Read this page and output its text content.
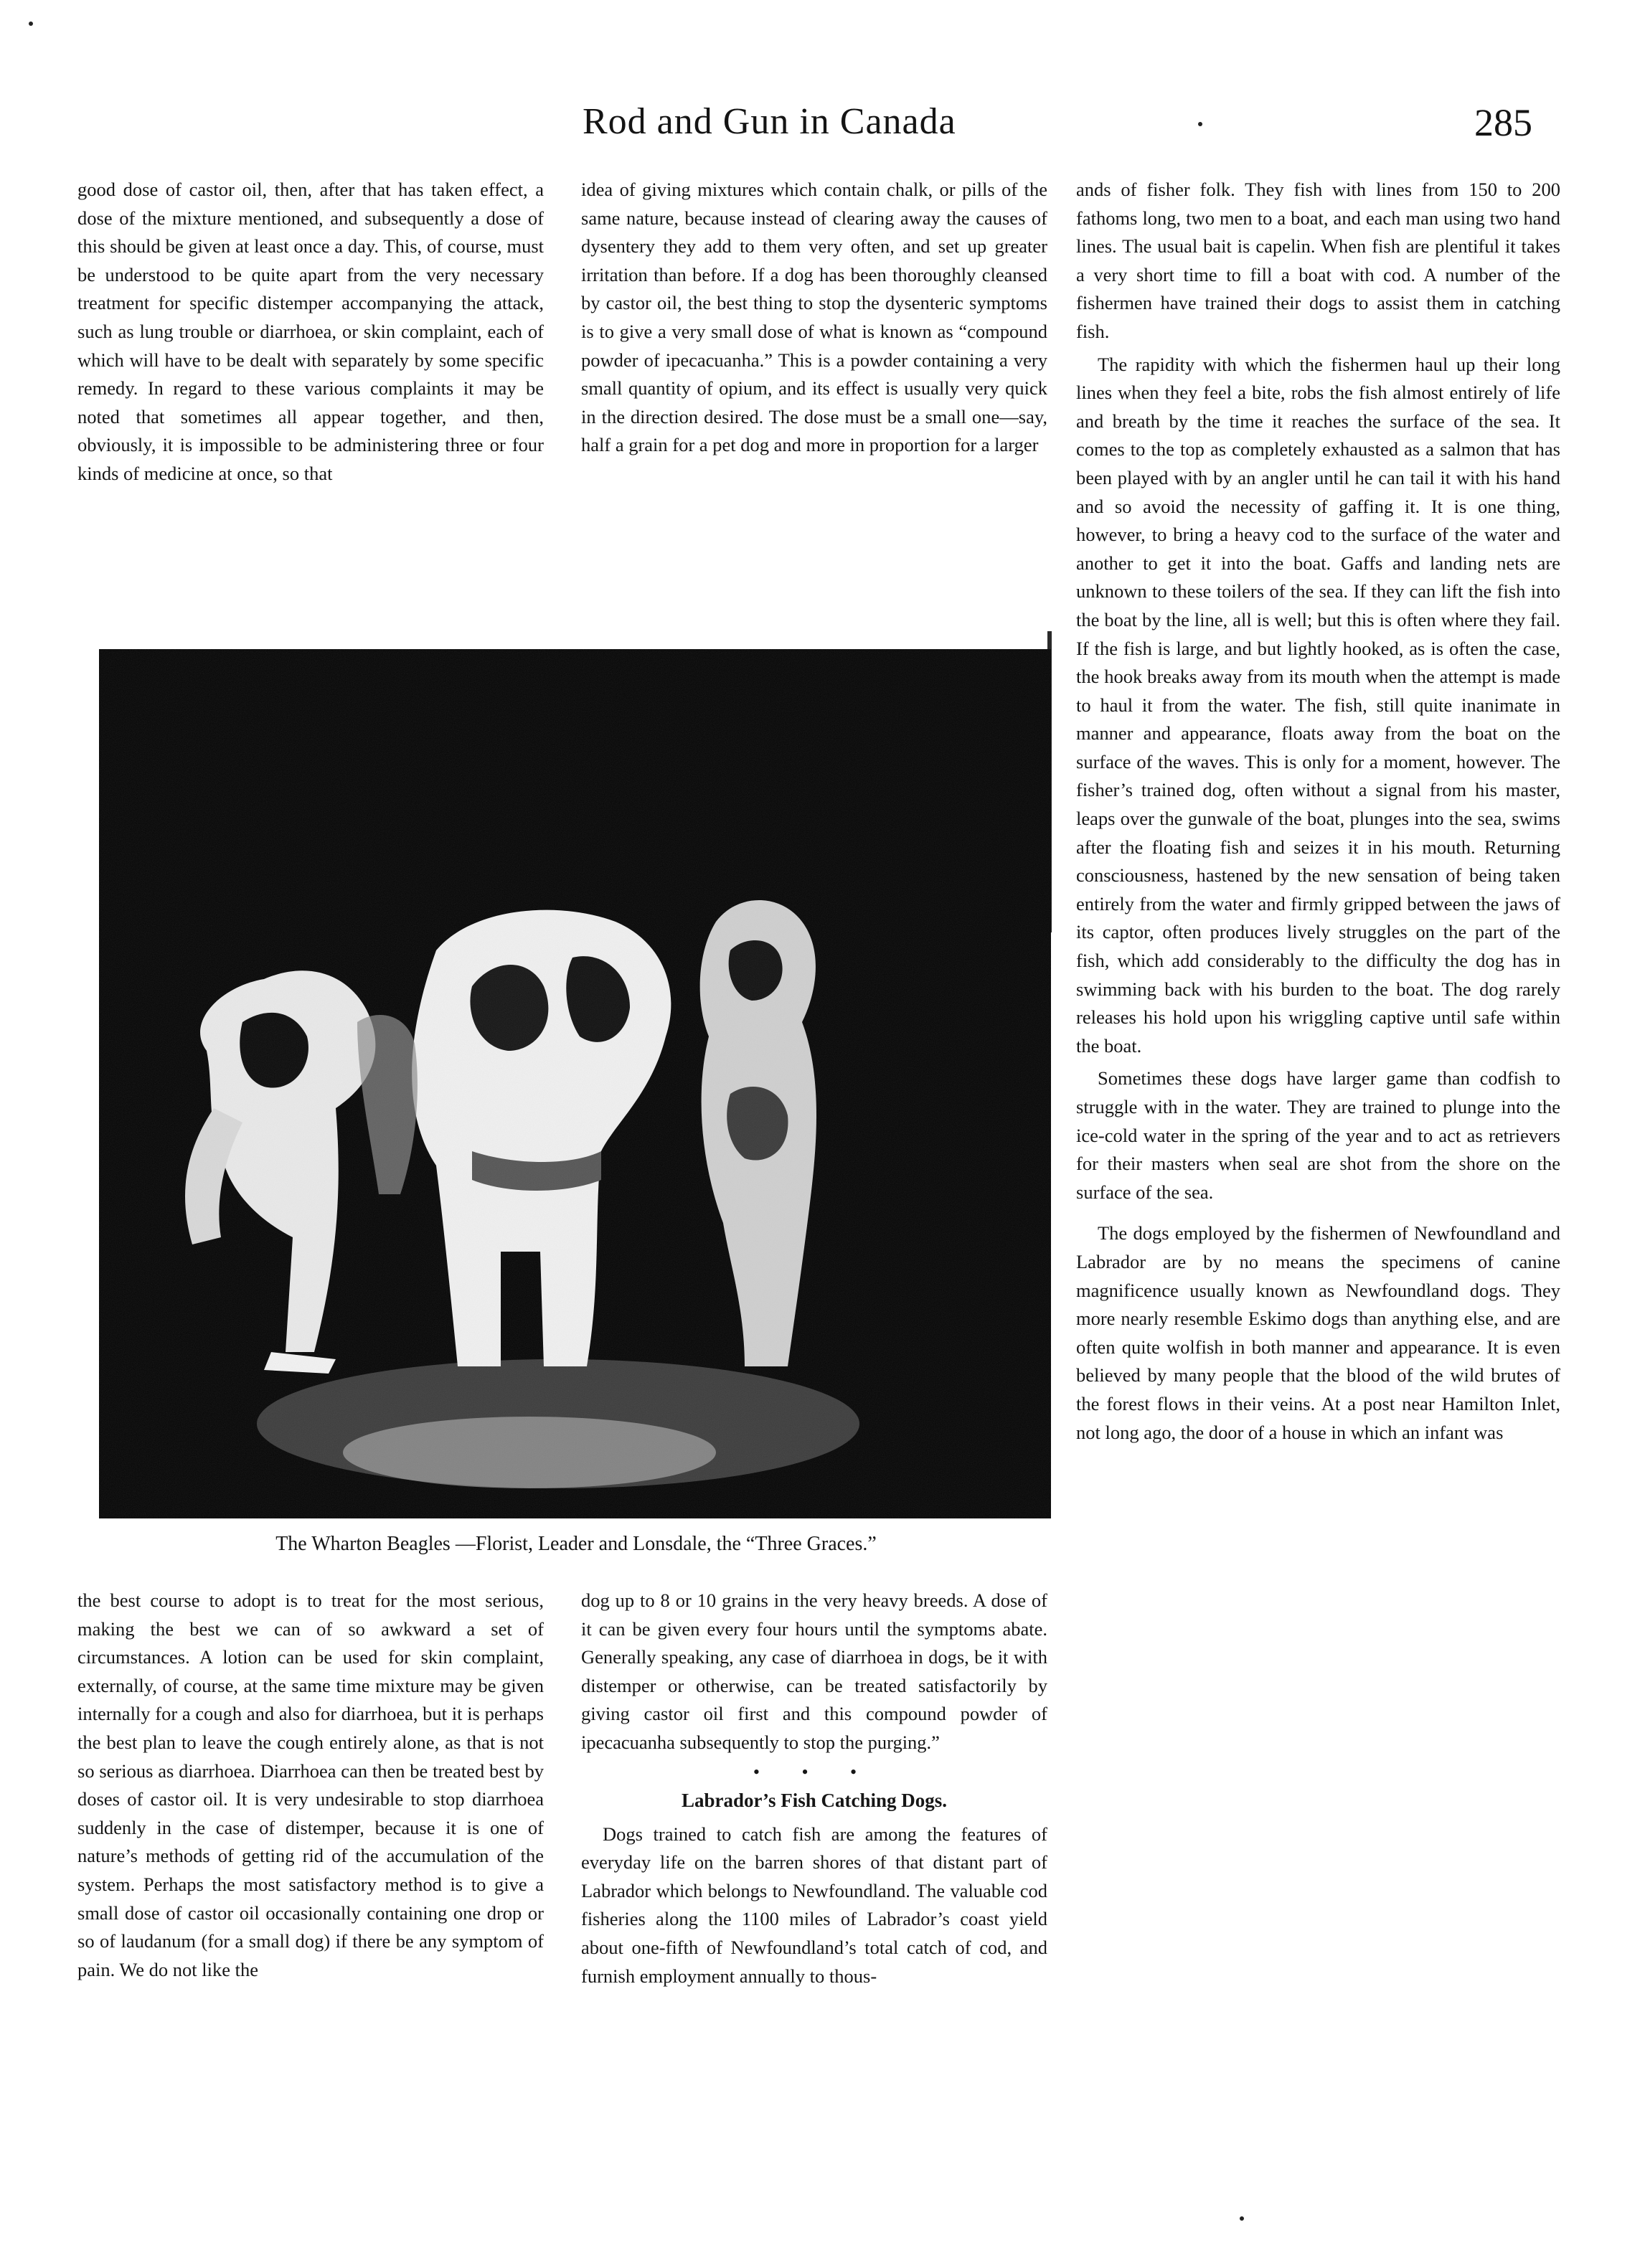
Rod and Gun in Canada	285

good dose of castor oil, then, after that has taken effect, a dose of the mixture mentioned, and subsequently a dose of this should be given at least once a day. This, of course, must be understood to be quite apart from the very necessary treatment for specific distemper accompanying the attack, such as lung trouble or diarrhoea, or skin complaint, each of which will have to be dealt with separately by some specific remedy. In regard to these various complaints it may be noted that sometimes all appear together, and then, obviously, it is impossible to be administering three or four kinds of medicine at once, so that

idea of giving mixtures which contain chalk, or pills of the same nature, because instead of clearing away the causes of dysentery they add to them very often, and set up greater irritation than before. If a dog has been thoroughly cleansed by castor oil, the best thing to stop the dysenteric symptoms is to give a very small dose of what is known as “compound powder of ipecacuanha.” This is a powder containing a very small quantity of opium, and its effect is usually very quick in the direction desired. The dose must be a small one—say, half a grain for a pet dog and more in proportion for a larger

ands of fisher folk. They fish with lines from 150 to 200 fathoms long, two men to a boat, and each man using two hand lines. The usual bait is capelin. When fish are plentiful it takes a very short time to fill a boat with cod. A number of the fishermen have trained their dogs to assist them in catching fish.

The rapidity with which the fishermen haul up their long lines when they feel a bite, robs the fish almost entirely of life and breath by the time it reaches the surface of the sea. It comes to the top as completely exhausted as a salmon that has been played with by an angler until he can tail it with his hand and so avoid the necessity of gaffing it. It is one thing, however, to bring a heavy cod to the surface of the water and another to get it into the boat. Gaffs and landing nets are unknown to these toilers of the sea. If they can lift the fish into the boat by the line, all is well; but this is often where they fail. If the fish is large, and but lightly hooked, as is often the case, the hook breaks away from its mouth when the attempt is made to haul it from the water. The fish, still quite inanimate in manner and appearance, floats away from the boat on the surface of the waves. This is only for a moment, however. The fisher’s trained dog, often without a signal from his master, leaps over the gunwale of the boat, plunges into the sea, swims after the floating fish and seizes it in his mouth. Returning consciousness, hastened by the new sensation of being taken entirely from the water and firmly gripped between the jaws of its captor, often produces lively struggles on the part of the fish, which add considerably to the difficulty the dog has in swimming back with his burden to the boat. The dog rarely releases his hold upon his wriggling captive until safe within the boat.

Sometimes these dogs have larger game than codfish to struggle with in the water. They are trained to plunge into the ice-cold water in the spring of the year and to act as retrievers for their masters when seal are shot from the shore on the surface of the sea.

The dogs employed by the fishermen of Newfoundland and Labrador are by no means the specimens of canine magnificence usually known as Newfoundland dogs. They more nearly resemble Eskimo dogs than anything else, and are often quite wolfish in both manner and appearance. It is even believed by many people that the blood of the wild brutes of the forest flows in their veins. At a post near Hamilton Inlet, not long ago, the door of a house in which an infant was

The Wharton Beagles —Florist, Leader and Lonsdale, the “Three Graces.”

the best course to adopt is to treat for the most serious, making the best we can of so awkward a set of circumstances. A lotion can be used for skin complaint, externally, of course, at the same time mixture may be given internally for a cough and also for diarrhoea, but it is perhaps the best plan to leave the cough entirely alone, as that is not so serious as diarrhoea. Diarrhoea can then be treated best by doses of castor oil. It is very undesirable to stop diarrhoea suddenly in the case of distemper, because it is one of nature’s methods of getting rid of the accumulation of the system. Perhaps the most satisfactory method is to give a small dose of castor oil occasionally containing one drop or so of laudanum (for a small dog) if there be any symptom of pain. We do not like the

dog up to 8 or 10 grains in the very heavy breeds. A dose of it can be given every four hours until the symptoms abate. Generally speaking, any case of diarrhoea in dogs, be it with distemper or otherwise, can be treated satisfactorily by giving castor oil first and this compound powder of ipecacuanha subsequently to stop the purging.”

• • •
Labrador’s Fish Catching Dogs.

Dogs trained to catch fish are among the features of everyday life on the barren shores of that distant part of Labrador which belongs to Newfoundland. The valuable cod fisheries along the 1100 miles of Labrador’s coast yield about one-fifth of Newfoundland’s total catch of cod, and furnish employment annually to thous-
